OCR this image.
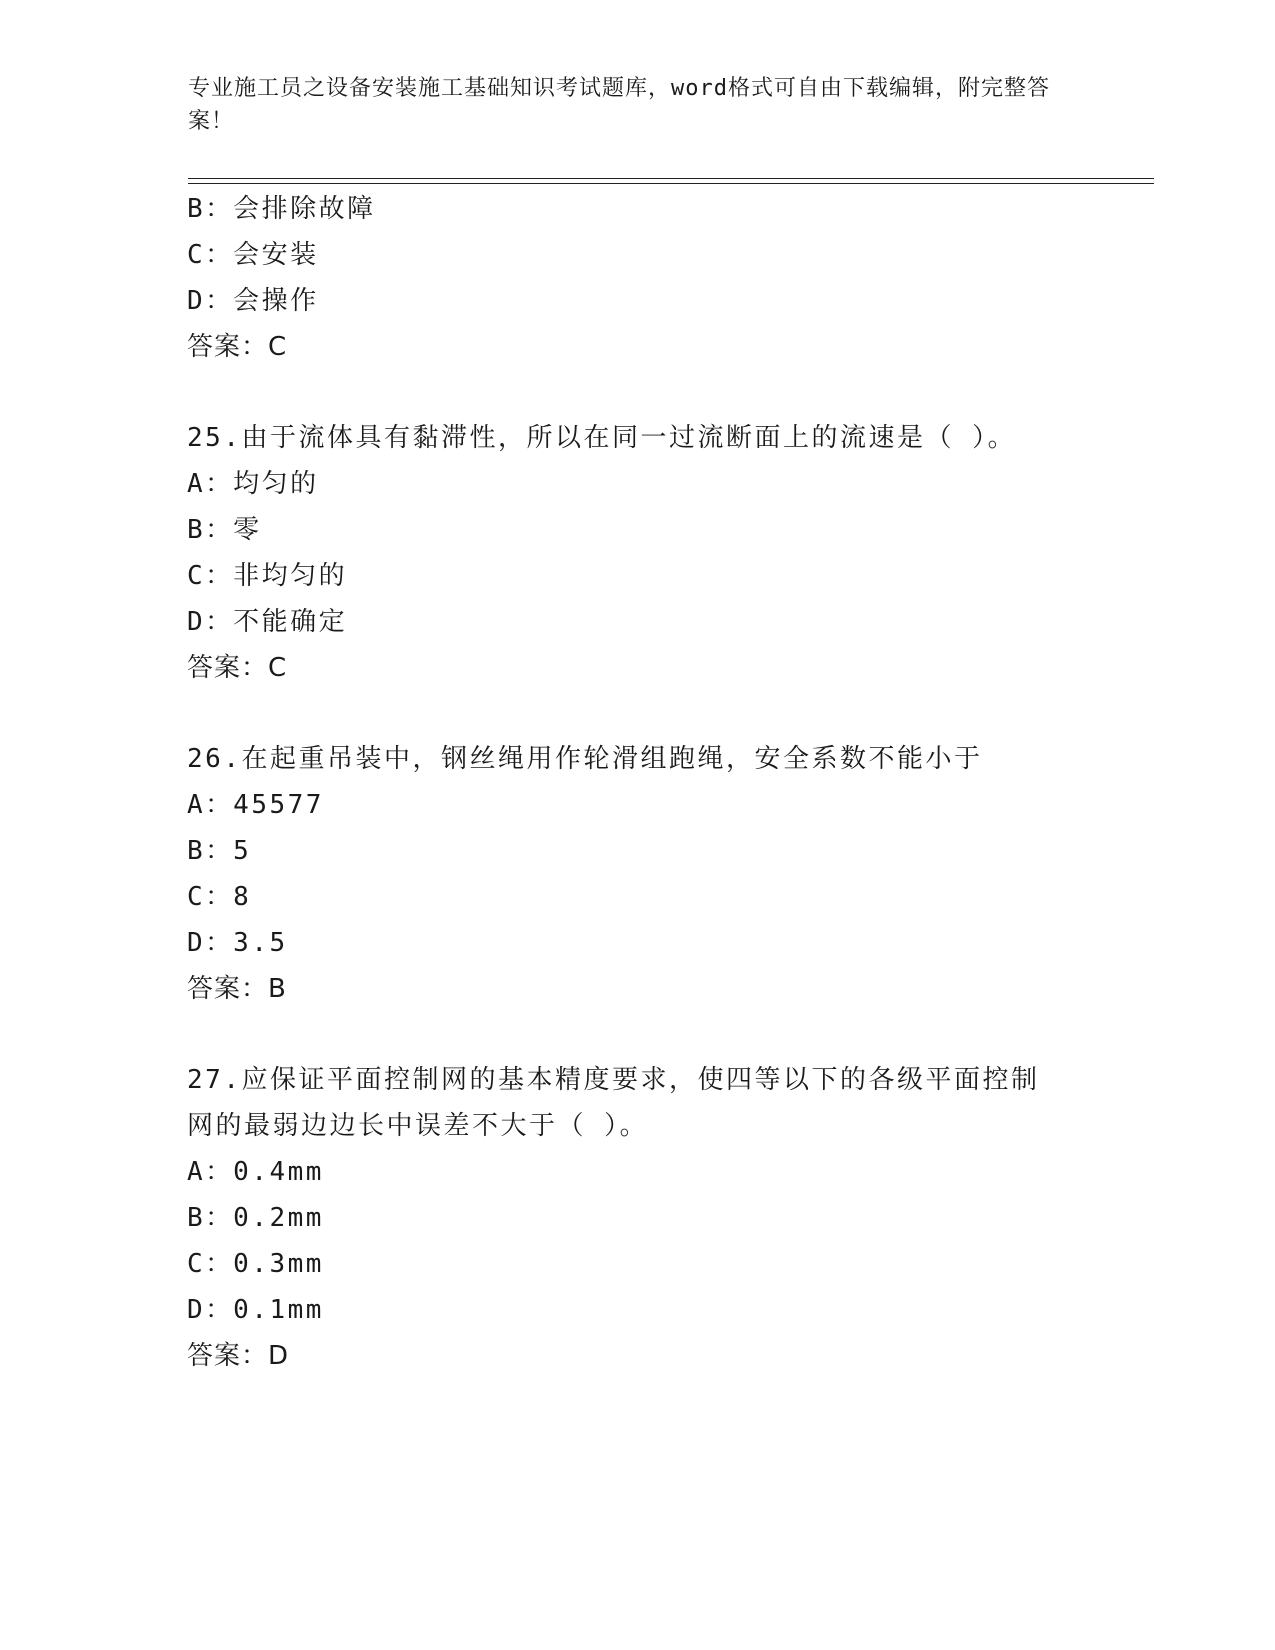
专业施工员之设备安装施工基础知识考试题库，word格式可自由下载编辑，附完整答案！
B ： 会排除故障
C ： 会安装
D ： 会操作
答案 ： C
25 . 由于流体具有黏滞性，所以在同一过流断面上的流速是（ ）。
A ： 均匀的
B ： 零
C ： 非均匀的
D ： 不能确定
答案 ： C
26 . 在起重吊装中，钢丝绳用作轮滑组跑绳，安全系数不能小于
A ： 45577
B ： 5
C ： 8
D ： 3.5
答案 ： B
27 . 应保证平面控制网的基本精度要求，使四等以下的各级平面控制网的最弱边边长中误差不大于（ ）。
A ： 0.4mm
B ： 0.2mm
C ： 0.3mm
D ： 0.1mm
答案 ： D
